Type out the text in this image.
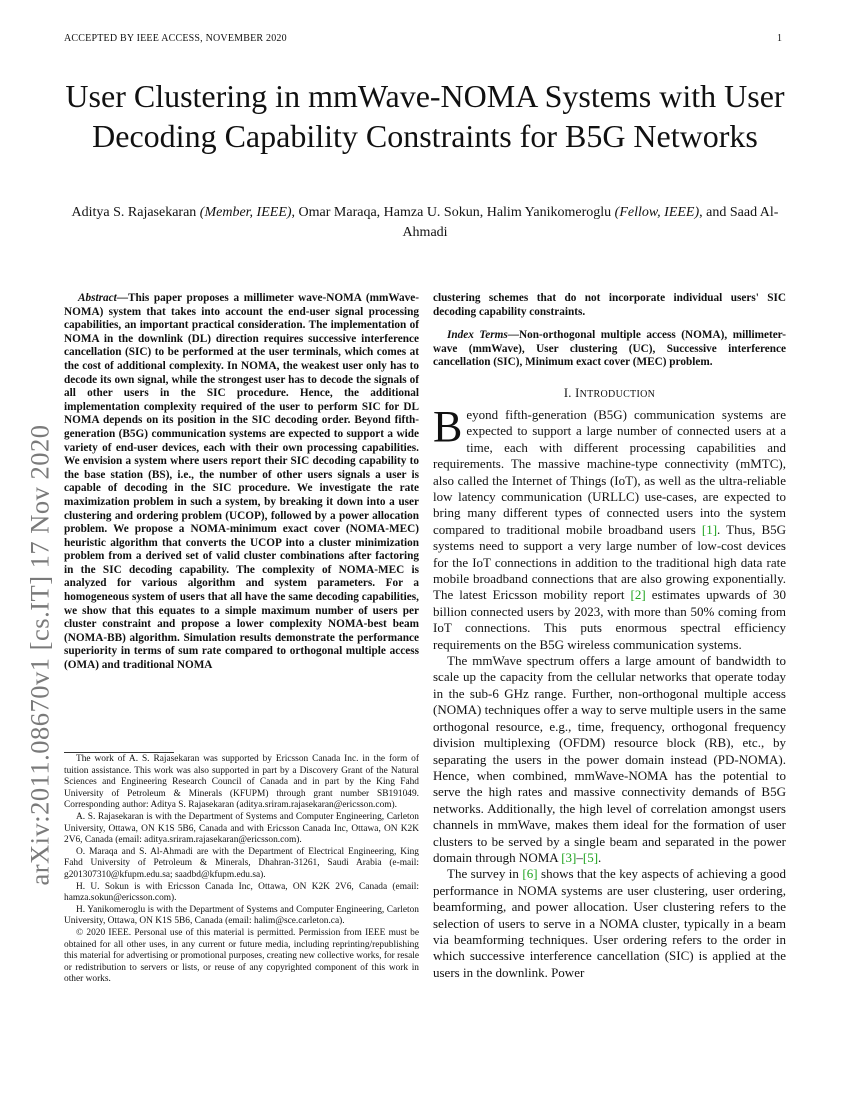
ACCEPTED BY IEEE ACCESS, NOVEMBER 2020	1
User Clustering in mmWave-NOMA Systems with User Decoding Capability Constraints for B5G Networks
Aditya S. Rajasekaran (Member, IEEE), Omar Maraqa, Hamza U. Sokun, Halim Yanikomeroglu (Fellow, IEEE), and Saad Al-Ahmadi
arXiv:2011.08670v1 [cs.IT] 17 Nov 2020

Abstract—This paper proposes a millimeter wave-NOMA (mmWave-NOMA) system that takes into account the end-user signal processing capabilities, an important practical consideration. The implementation of NOMA in the downlink (DL) direction requires successive interference cancellation (SIC) to be performed at the user terminals, which comes at the cost of additional complexity. In NOMA, the weakest user only has to decode its own signal, while the strongest user has to decode the signals of all other users in the SIC procedure. Hence, the additional implementation complexity required of the user to perform SIC for DL NOMA depends on its position in the SIC decoding order. Beyond fifth-generation (B5G) communication systems are expected to support a wide variety of end-user devices, each with their own processing capabilities. We envision a system where users report their SIC decoding capability to the base station (BS), i.e., the number of other users signals a user is capable of decoding in the SIC procedure. We investigate the rate maximization problem in such a system, by breaking it down into a user clustering and ordering problem (UCOP), followed by a power allocation problem. We propose a NOMA-minimum exact cover (NOMA-MEC) heuristic algorithm that converts the UCOP into a cluster minimization problem from a derived set of valid cluster combinations after factoring in the SIC decoding capability. The complexity of NOMA-MEC is analyzed for various algorithm and system parameters. For a homogeneous system of users that all have the same decoding capabilities, we show that this equates to a simple maximum number of users per cluster constraint and propose a lower complexity NOMA-best beam (NOMA-BB) algorithm. Simulation results demonstrate the performance superiority in terms of sum rate compared to orthogonal multiple access (OMA) and traditional NOMA

The work of A. S. Rajasekaran was supported by Ericsson Canada Inc. in the form of tuition assistance. This work was also supported in part by a Discovery Grant of the Natural Sciences and Engineering Research Council of Canada and in part by the King Fahd University of Petroleum & Minerals (KFUPM) through grant number SB191049. Corresponding author: Aditya S. Rajasekaran (aditya.sriram.rajasekaran@ericsson.com).

A. S. Rajasekaran is with the Department of Systems and Computer Engineering, Carleton University, Ottawa, ON K1S 5B6, Canada and with Ericsson Canada Inc, Ottawa, ON K2K 2V6, Canada (email: aditya.sriram.rajasekaran@ericsson.com).

O. Maraqa and S. Al-Ahmadi are with the Department of Electrical Engineering, King Fahd University of Petroleum & Minerals, Dhahran-31261, Saudi Arabia (e-mail: g201307310@kfupm.edu.sa; saadbd@kfupm.edu.sa).

H. U. Sokun is with Ericsson Canada Inc, Ottawa, ON K2K 2V6, Canada (email: hamza.sokun@ericsson.com).

H. Yanikomeroglu is with the Department of Systems and Computer Engineering, Carleton University, Ottawa, ON K1S 5B6, Canada (email: halim@sce.carleton.ca).

© 2020 IEEE. Personal use of this material is permitted. Permission from IEEE must be obtained for all other uses, in any current or future media, including reprinting/republishing this material for advertising or promotional purposes, creating new collective works, for resale or redistribution to servers or lists, or reuse of any copyrighted component of this work in other works.

clustering schemes that do not incorporate individual users' SIC decoding capability constraints.

Index Terms—Non-orthogonal multiple access (NOMA), millimeter-wave (mmWave), User clustering (UC), Successive interference cancellation (SIC), Minimum exact cover (MEC) problem.

I. INTRODUCTION

Beyond fifth-generation (B5G) communication systems are expected to support a large number of connected users at a time, each with different processing capabilities and requirements. The massive machine-type connectivity (mMTC), also called the Internet of Things (IoT), as well as the ultra-reliable low latency communication (URLLC) use-cases, are expected to bring many different types of connected users into the system compared to traditional mobile broadband users [1]. Thus, B5G systems need to support a very large number of low-cost devices for the IoT connections in addition to the traditional high data rate mobile broadband connections that are also growing exponentially. The latest Ericsson mobility report [2] estimates upwards of 30 billion connected users by 2023, with more than 50% coming from IoT connections. This puts enormous spectral efficiency requirements on the B5G wireless communication systems.

The mmWave spectrum offers a large amount of bandwidth to scale up the capacity from the cellular networks that operate today in the sub-6 GHz range. Further, non-orthogonal multiple access (NOMA) techniques offer a way to serve multiple users in the same orthogonal resource, e.g., time, frequency, orthogonal frequency division multiplexing (OFDM) resource block (RB), etc., by separating the users in the power domain instead (PD-NOMA). Hence, when combined, mmWave-NOMA has the potential to serve the high rates and massive connectivity demands of B5G networks. Additionally, the high level of correlation amongst users channels in mmWave, makes them ideal for the formation of user clusters to be served by a single beam and separated in the power domain through NOMA [3]–[5].

The survey in [6] shows that the key aspects of achieving a good performance in NOMA systems are user clustering, user ordering, beamforming, and power allocation. User clustering refers to the selection of users to serve in a NOMA cluster, typically in a beam via beamforming techniques. User ordering refers to the order in which successive interference cancellation (SIC) is applied at the users in the downlink. Power
